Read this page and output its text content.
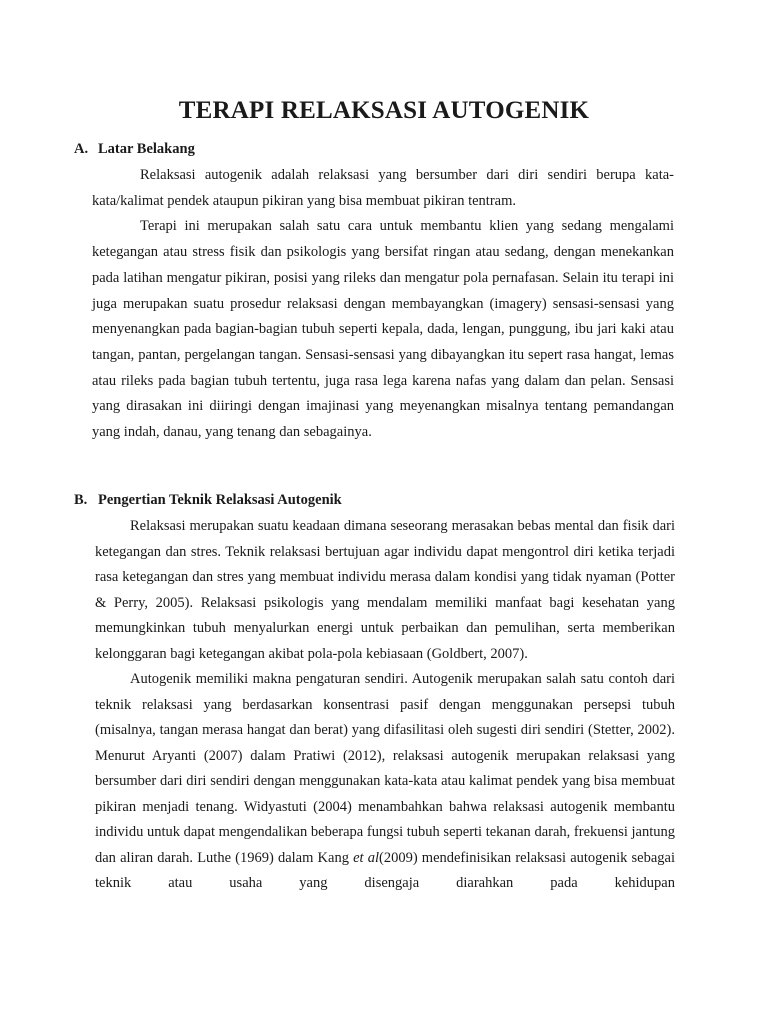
TERAPI RELAKSASI AUTOGENIK
A. Latar Belakang

Relaksasi autogenik adalah relaksasi yang bersumber dari diri sendiri berupa kata-kata/kalimat pendek ataupun pikiran yang bisa membuat pikiran tentram.

Terapi ini merupakan salah satu cara untuk membantu klien yang sedang mengalami ketegangan atau stress fisik dan psikologis yang bersifat ringan atau sedang, dengan menekankan pada latihan mengatur pikiran, posisi yang rileks dan mengatur pola pernafasan. Selain itu terapi ini juga merupakan suatu prosedur relaksasi dengan membayangkan (imagery) sensasi-sensasi yang menyenangkan pada bagian-bagian tubuh seperti kepala, dada, lengan, punggung, ibu jari kaki atau tangan, pantan, pergelangan tangan. Sensasi-sensasi yang dibayangkan itu sepert rasa hangat, lemas atau rileks pada bagian tubuh tertentu, juga rasa lega karena nafas yang dalam dan pelan. Sensasi yang dirasakan ini diiringi dengan imajinasi yang meyenangkan misalnya tentang pemandangan yang indah, danau, yang tenang dan sebagainya.

B. Pengertian Teknik Relaksasi Autogenik

Relaksasi merupakan suatu keadaan dimana seseorang merasakan bebas mental dan fisik dari ketegangan dan stres. Teknik relaksasi bertujuan agar individu dapat mengontrol diri ketika terjadi rasa ketegangan dan stres yang membuat individu merasa dalam kondisi yang tidak nyaman (Potter & Perry, 2005). Relaksasi psikologis yang mendalam memiliki manfaat bagi kesehatan yang memungkinkan tubuh menyalurkan energi untuk perbaikan dan pemulihan, serta memberikan kelonggaran bagi ketegangan akibat pola-pola kebiasaan (Goldbert, 2007).

Autogenik memiliki makna pengaturan sendiri. Autogenik merupakan salah satu contoh dari teknik relaksasi yang berdasarkan konsentrasi pasif dengan menggunakan persepsi tubuh (misalnya, tangan merasa hangat dan berat) yang difasilitasi oleh sugesti diri sendiri (Stetter, 2002). Menurut Aryanti (2007) dalam Pratiwi (2012), relaksasi autogenik merupakan relaksasi yang bersumber dari diri sendiri dengan menggunakan kata-kata atau kalimat pendek yang bisa membuat pikiran menjadi tenang. Widyastuti (2004) menambahkan bahwa relaksasi autogenik membantu individu untuk dapat mengendalikan beberapa fungsi tubuh seperti tekanan darah, frekuensi jantung dan aliran darah. Luthe (1969) dalam Kang et al(2009) mendefinisikan relaksasi autogenik sebagai teknik atau usaha yang disengaja diarahkan pada kehidupan
